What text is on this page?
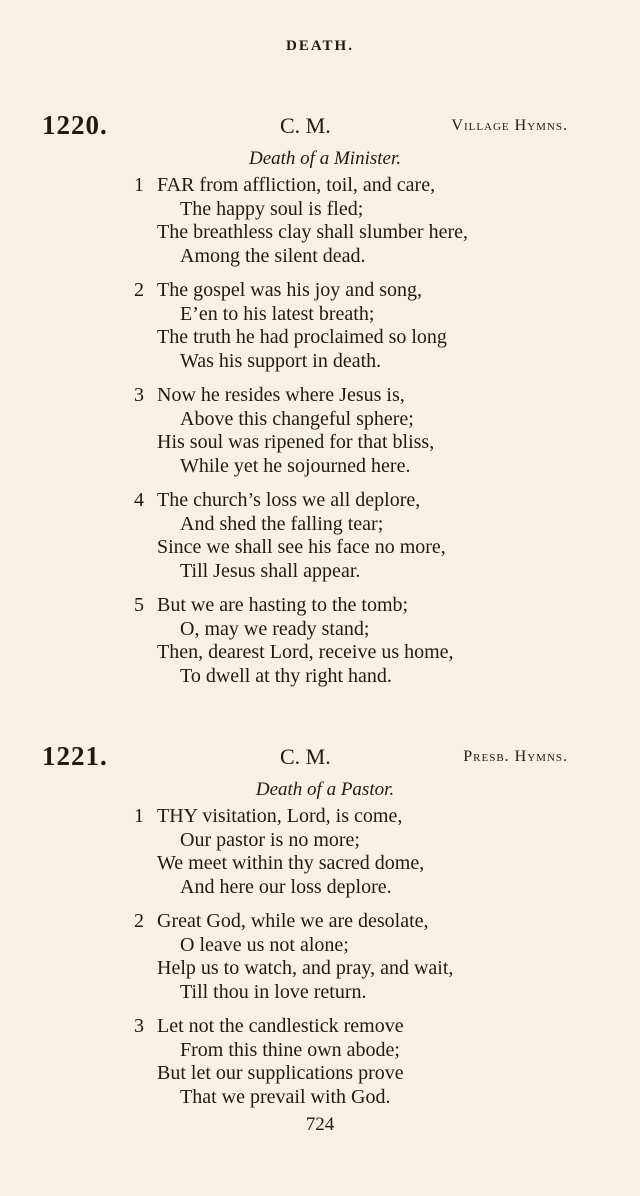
DEATH.
1220.	C. M.	Village Hymns.
Death of a Minister.
1 FAR from affliction, toil, and care,
The happy soul is fled;
The breathless clay shall slumber here,
Among the silent dead.
2 The gospel was his joy and song,
E’en to his latest breath;
The truth he had proclaimed so long
Was his support in death.
3 Now he resides where Jesus is,
Above this changeful sphere;
His soul was ripened for that bliss,
While yet he sojourned here.
4 The church’s loss we all deplore,
And shed the falling tear;
Since we shall see his face no more,
Till Jesus shall appear.
5 But we are hasting to the tomb;
O, may we ready stand;
Then, dearest Lord, receive us home,
To dwell at thy right hand.
1221.	C. M.	Presb. Hymns.
Death of a Pastor.
1 THY visitation, Lord, is come,
Our pastor is no more;
We meet within thy sacred dome,
And here our loss deplore.
2 Great God, while we are desolate,
O leave us not alone;
Help us to watch, and pray, and wait,
Till thou in love return.
3 Let not the candlestick remove
From this thine own abode;
But let our supplications prove
That we prevail with God.
724
